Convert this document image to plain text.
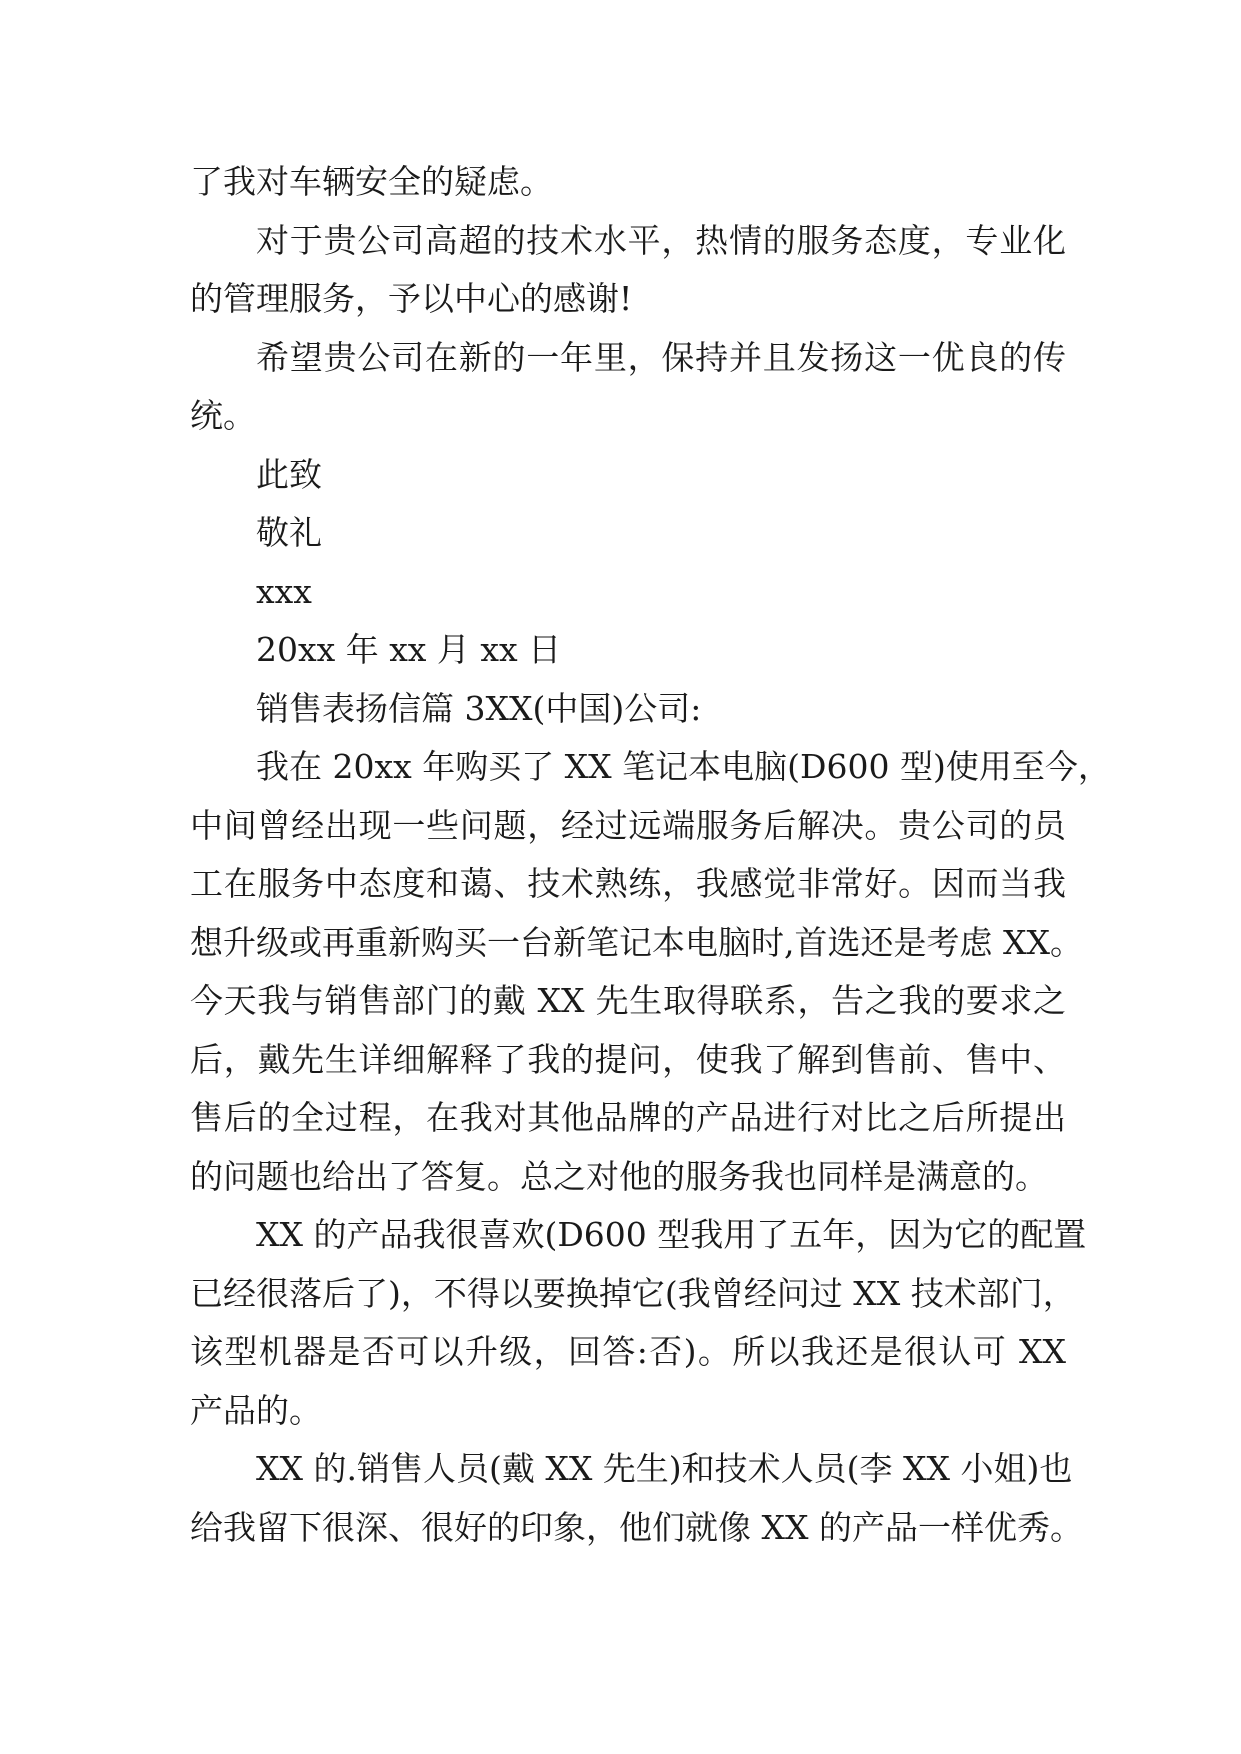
了我对车辆安全的疑虑。
对于贵公司高超的技术水平，热情的服务态度，专业化
的管理服务，予以中心的感谢!
希望贵公司在新的一年里，保持并且发扬这一优良的传
统。
此致
敬礼
xxx
20xx 年 xx 月 xx 日
销售表扬信篇 3XX(中国)公司:
我在 20xx 年购买了 XX 笔记本电脑(D600 型)使用至今，
中间曾经出现一些问题，经过远端服务后解决。贵公司的员
工在服务中态度和蔼、技术熟练，我感觉非常好。因而当我
想升级或再重新购买一台新笔记本电脑时,首选还是考虑 XX。
今天我与销售部门的戴 XX 先生取得联系，告之我的要求之
后，戴先生详细解释了我的提问，使我了解到售前、售中、
售后的全过程，在我对其他品牌的产品进行对比之后所提出
的问题也给出了答复。总之对他的服务我也同样是满意的。
XX 的产品我很喜欢(D600 型我用了五年，因为它的配置
已经很落后了)，不得以要换掉它(我曾经问过 XX 技术部门，
该型机器是否可以升级，回答:否)。所以我还是很认可 XX
产品的。
XX 的.销售人员(戴 XX 先生)和技术人员(李 XX 小姐)也
给我留下很深、很好的印象，他们就像 XX 的产品一样优秀。
